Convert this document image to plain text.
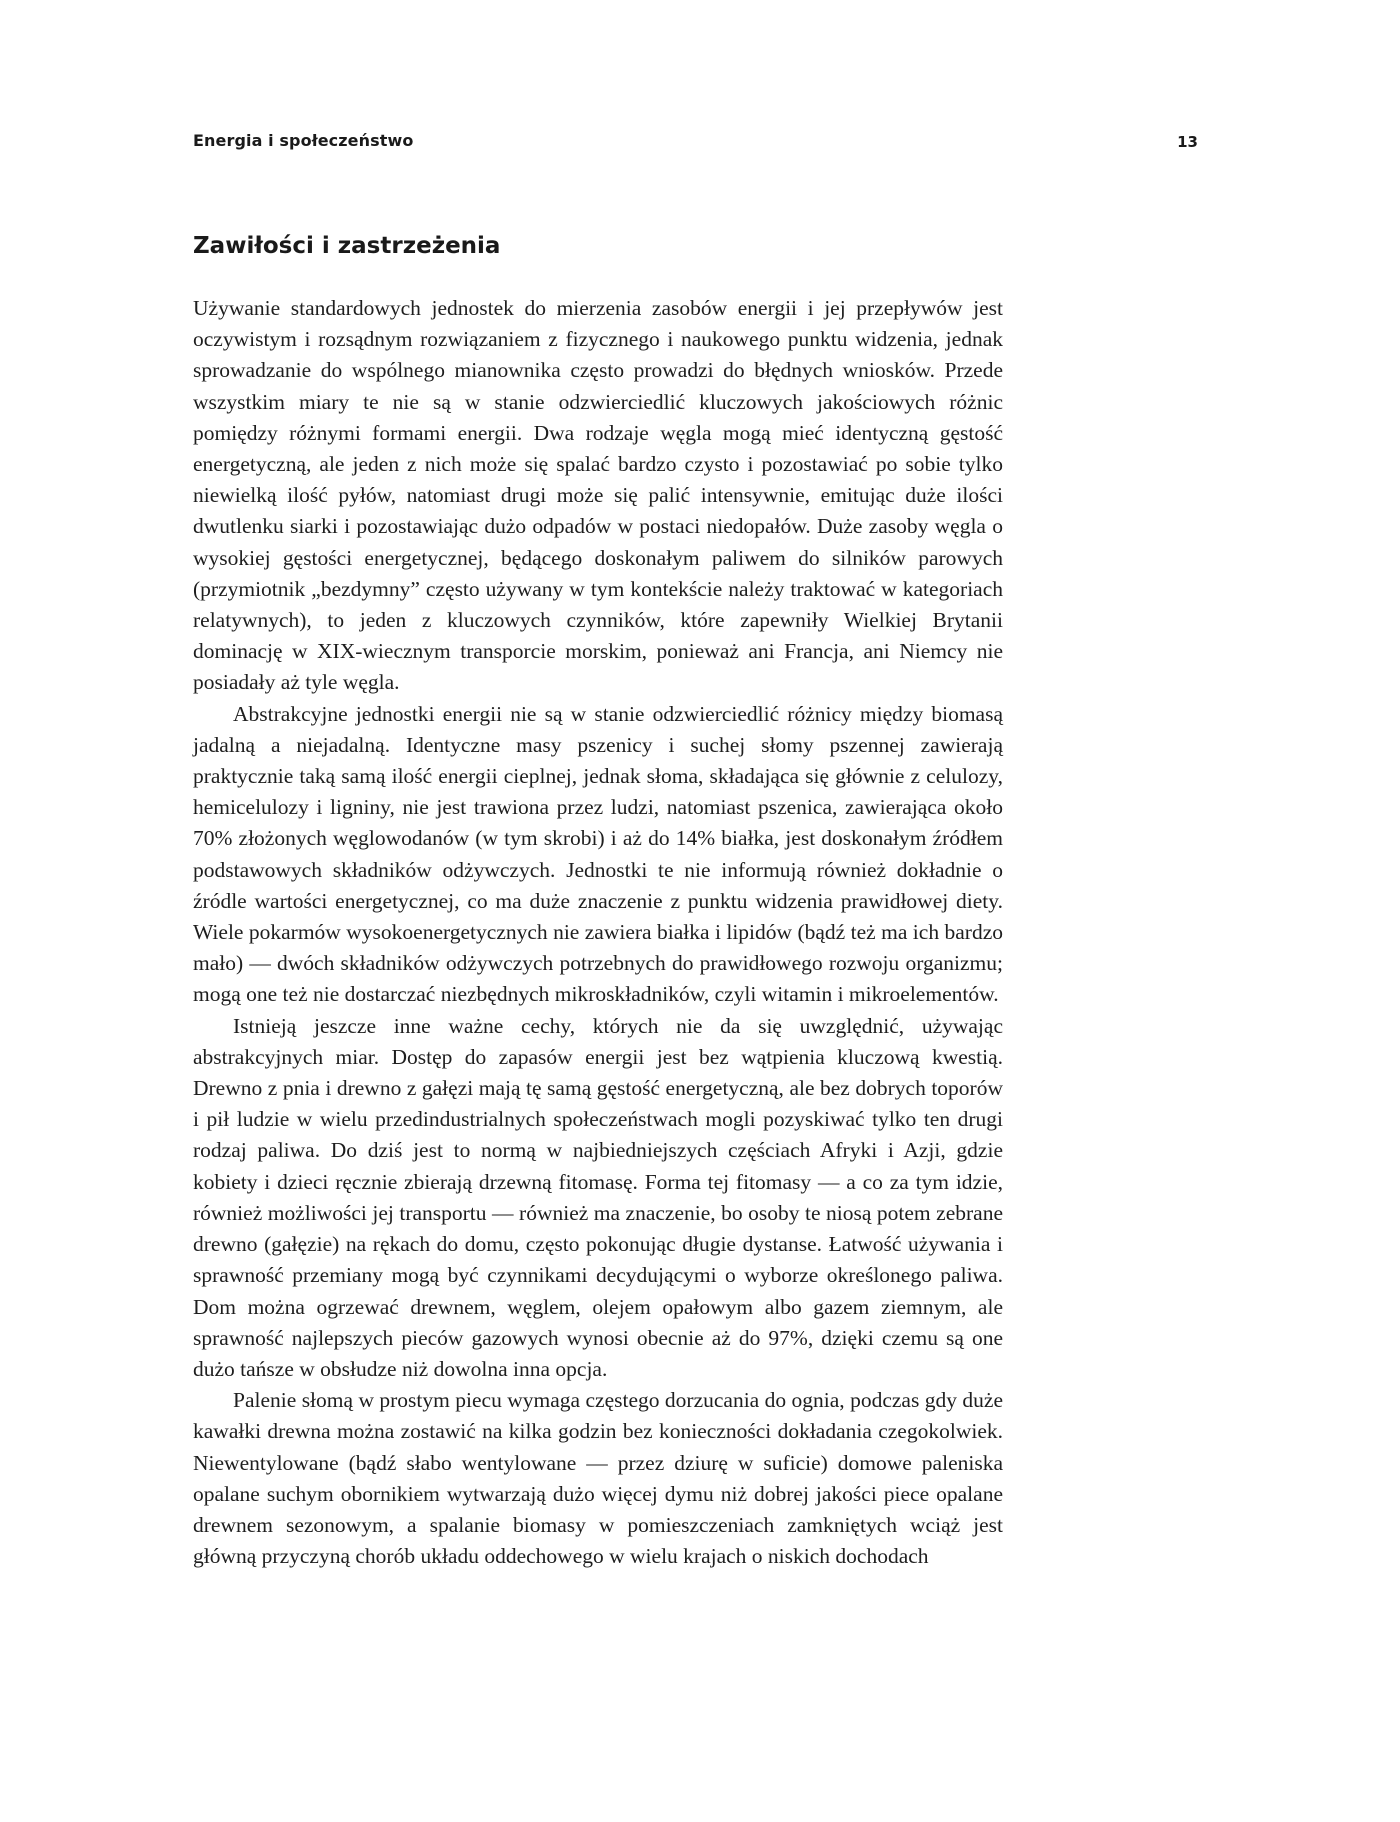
Energia i społeczeństwo	13
Zawiłości i zastrzeżenia

Używanie standardowych jednostek do mierzenia zasobów energii i jej przepływów jest oczywistym i rozsądnym rozwiązaniem z fizycznego i naukowego punktu widzenia, jednak sprowadzanie do wspólnego mianownika często prowadzi do błędnych wniosków. Przede wszystkim miary te nie są w stanie odzwierciedlić kluczowych jakościowych różnic pomiędzy różnymi formami energii. Dwa rodzaje węgla mogą mieć identyczną gęstość energetyczną, ale jeden z nich może się spalać bardzo czysto i pozostawiać po sobie tylko niewielką ilość pyłów, natomiast drugi może się palić intensywnie, emitując duże ilości dwutlenku siarki i pozostawiając dużo odpadów w postaci niedopałów. Duże zasoby węgla o wysokiej gęstości energetycznej, będącego doskonałym paliwem do silników parowych (przymiotnik „bezdymny” często używany w tym kontekście należy traktować w kategoriach relatywnych), to jeden z kluczowych czynników, które zapewniły Wielkiej Brytanii dominację w XIX-wiecznym transporcie morskim, ponieważ ani Francja, ani Niemcy nie posiadały aż tyle węgla.

Abstrakcyjne jednostki energii nie są w stanie odzwierciedlić różnicy między biomasą jadalną a niejadalną. Identyczne masy pszenicy i suchej słomy pszennej zawierają praktycznie taką samą ilość energii cieplnej, jednak słoma, składająca się głównie z celulozy, hemicelulozy i ligniny, nie jest trawiona przez ludzi, natomiast pszenica, zawierająca około 70% złożonych węglowodanów (w tym skrobi) i aż do 14% białka, jest doskonałym źródłem podstawowych składników odżywczych. Jednostki te nie informują również dokładnie o źródle wartości energetycznej, co ma duże znaczenie z punktu widzenia prawidłowej diety. Wiele pokarmów wysokoenergetycznych nie zawiera białka i lipidów (bądź też ma ich bardzo mało) — dwóch składników odżywczych potrzebnych do prawidłowego rozwoju organizmu; mogą one też nie dostarczać niezbędnych mikroskładników, czyli witamin i mikroelementów.

Istnieją jeszcze inne ważne cechy, których nie da się uwzględnić, używając abstrakcyjnych miar. Dostęp do zapasów energii jest bez wątpienia kluczową kwestią. Drewno z pnia i drewno z gałęzi mają tę samą gęstość energetyczną, ale bez dobrych toporów i pił ludzie w wielu przedindustrialnych społeczeństwach mogli pozyskiwać tylko ten drugi rodzaj paliwa. Do dziś jest to normą w najbiedniejszych częściach Afryki i Azji, gdzie kobiety i dzieci ręcznie zbierają drzewną fitomasę. Forma tej fitomasy — a co za tym idzie, również możliwości jej transportu — również ma znaczenie, bo osoby te niosą potem zebrane drewno (gałęzie) na rękach do domu, często pokonując długie dystanse. Łatwość używania i sprawność przemiany mogą być czynnikami decydującymi o wyborze określonego paliwa. Dom można ogrzewać drewnem, węglem, olejem opałowym albo gazem ziemnym, ale sprawność najlepszych pieców gazowych wynosi obecnie aż do 97%, dzięki czemu są one dużo tańsze w obsłudze niż dowolna inna opcja.

Palenie słomą w prostym piecu wymaga częstego dorzucania do ognia, podczas gdy duże kawałki drewna można zostawić na kilka godzin bez konieczności dokładania czegokolwiek. Niewentylowane (bądź słabo wentylowane — przez dziurę w suficie) domowe paleniska opalane suchym obornikiem wytwarzają dużo więcej dymu niż dobrej jakości piece opalane drewnem sezonowym, a spalanie biomasy w pomieszczeniach zamkniętych wciąż jest główną przyczyną chorób układu oddechowego w wielu krajach o niskich dochodach
